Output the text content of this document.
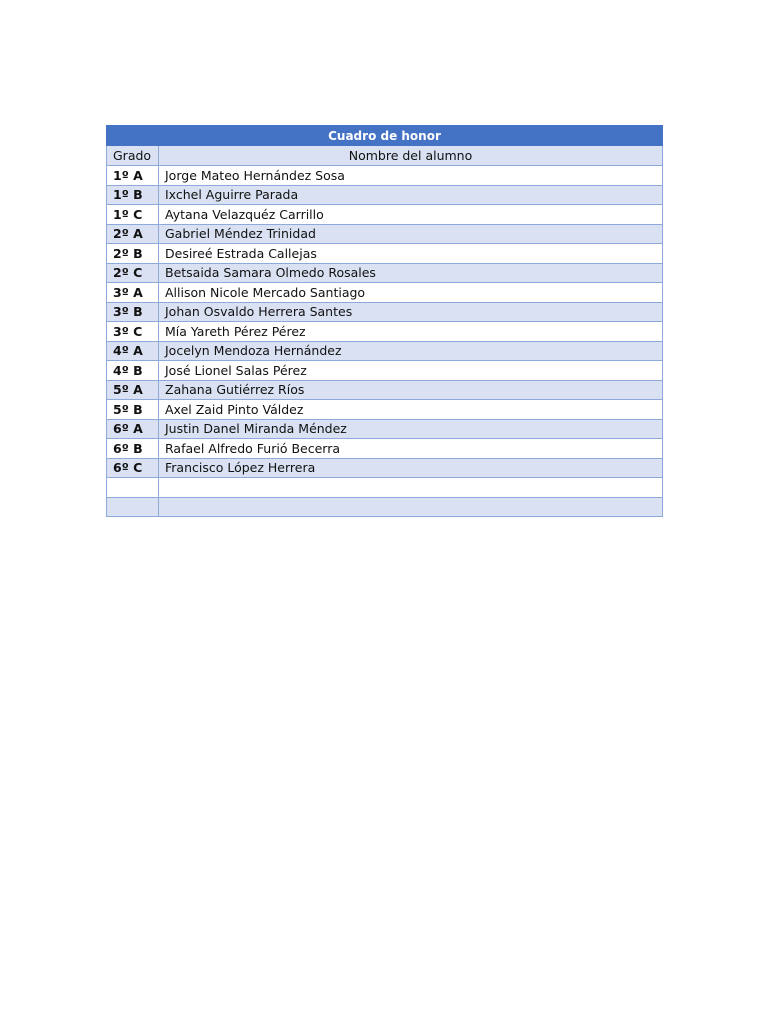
Cuadro de honor	
Grado	Nombre del alumno
1º A	Jorge Mateo Hernández Sosa
1º B	Ixchel Aguirre Parada
1º C	Aytana Velazquéz Carrillo
2º A	Gabriel Méndez Trinidad
2º B	Desireé Estrada Callejas
2º C	Betsaida Samara Olmedo Rosales
3º A	Allison Nicole Mercado Santiago
3º B	Johan Osvaldo Herrera Santes
3º C	Mía Yareth Pérez Pérez
4º A	Jocelyn Mendoza Hernández
4º B	José Lionel Salas Pérez
5º A	Zahana Gutiérrez Ríos
5º B	Axel Zaid Pinto Váldez
6º A	Justin Danel Miranda Méndez
6º B	Rafael Alfredo Furió Becerra
6º C	Francisco López Herrera
